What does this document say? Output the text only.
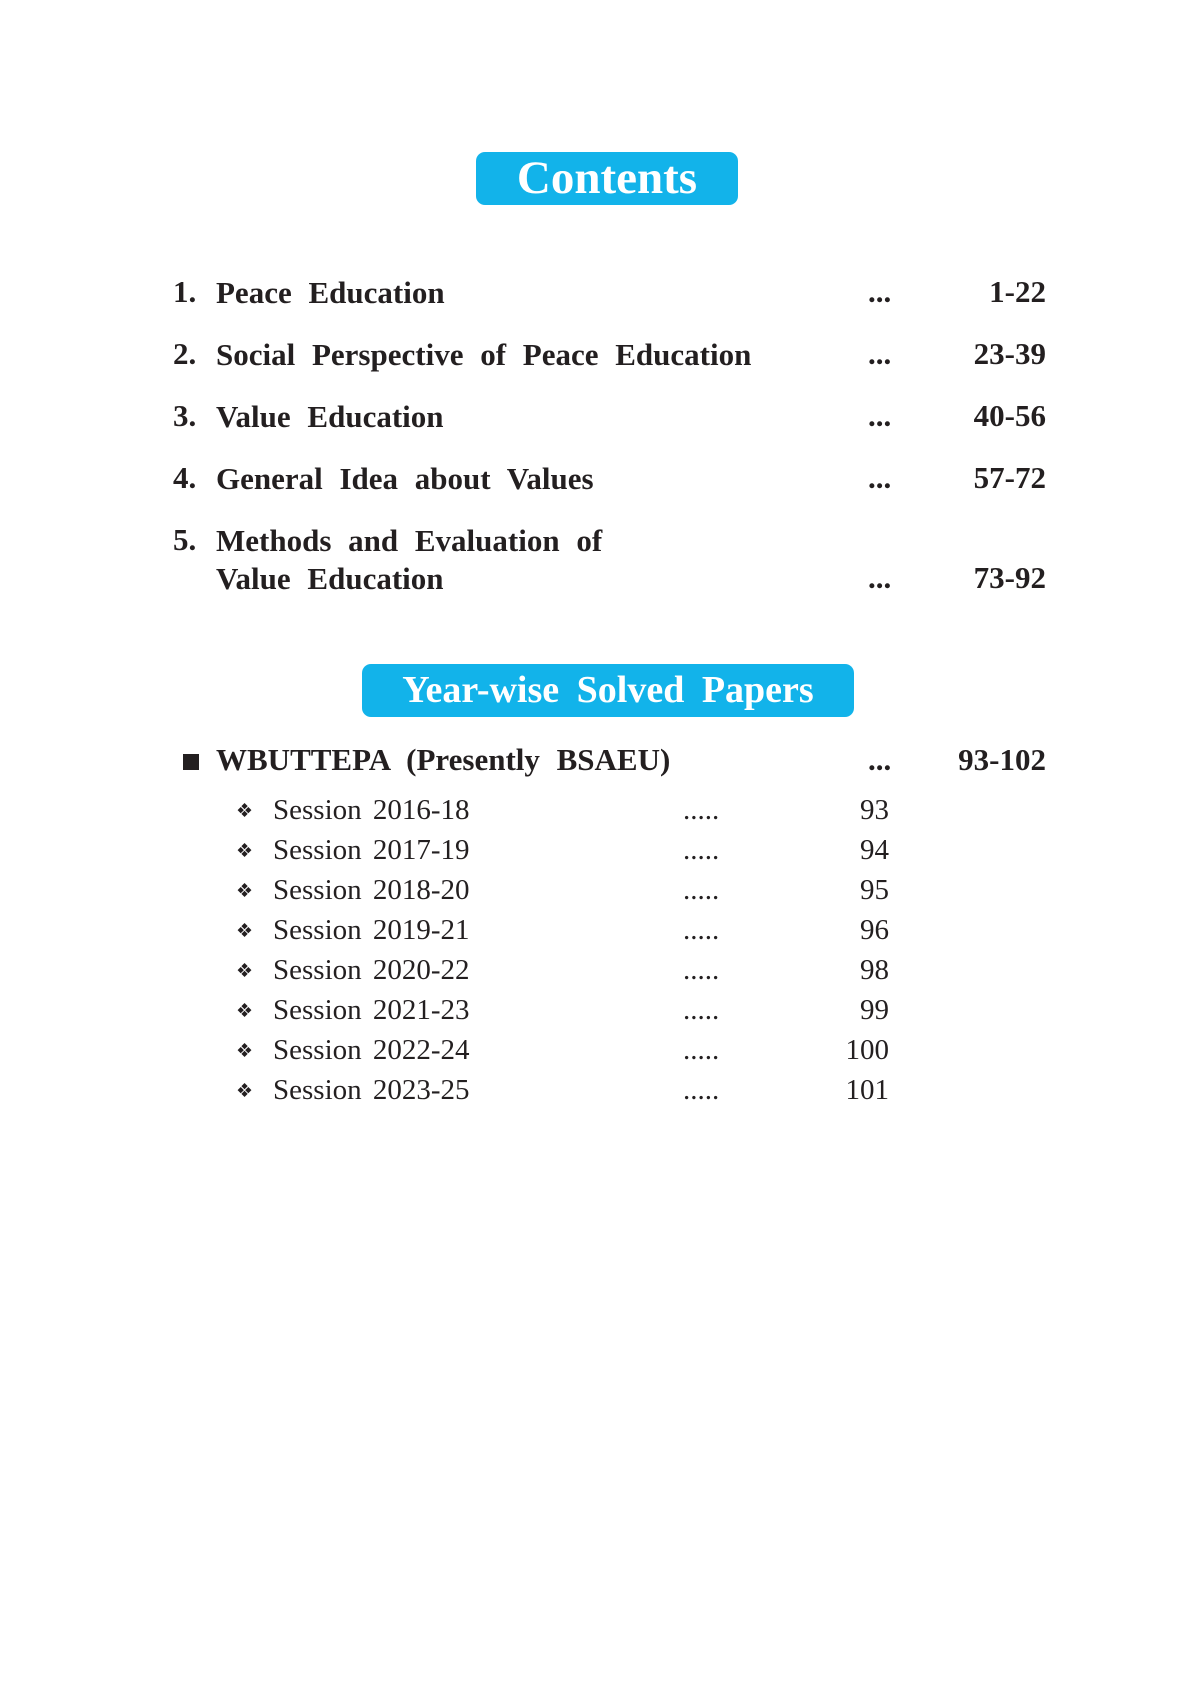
Contents
1. Peace Education	...	1-22
2. Social Perspective of Peace Education	...	23-39
3. Value Education	...	40-56
4. General Idea about Values	...	57-72
5. Methods and Evaluation of
Value Education	...	73-92
Year-wise Solved Papers
WBUTTEPA (Presently BSAEU)	... 93-102
❖ Session 2016-18	.....	93
❖ Session 2017-19	.....	94
❖ Session 2018-20	.....	95
❖ Session 2019-21	.....	96
❖ Session 2020-22	.....	98
❖ Session 2021-23	.....	99
❖ Session 2022-24	.....	100
❖ Session 2023-25	.....	101
